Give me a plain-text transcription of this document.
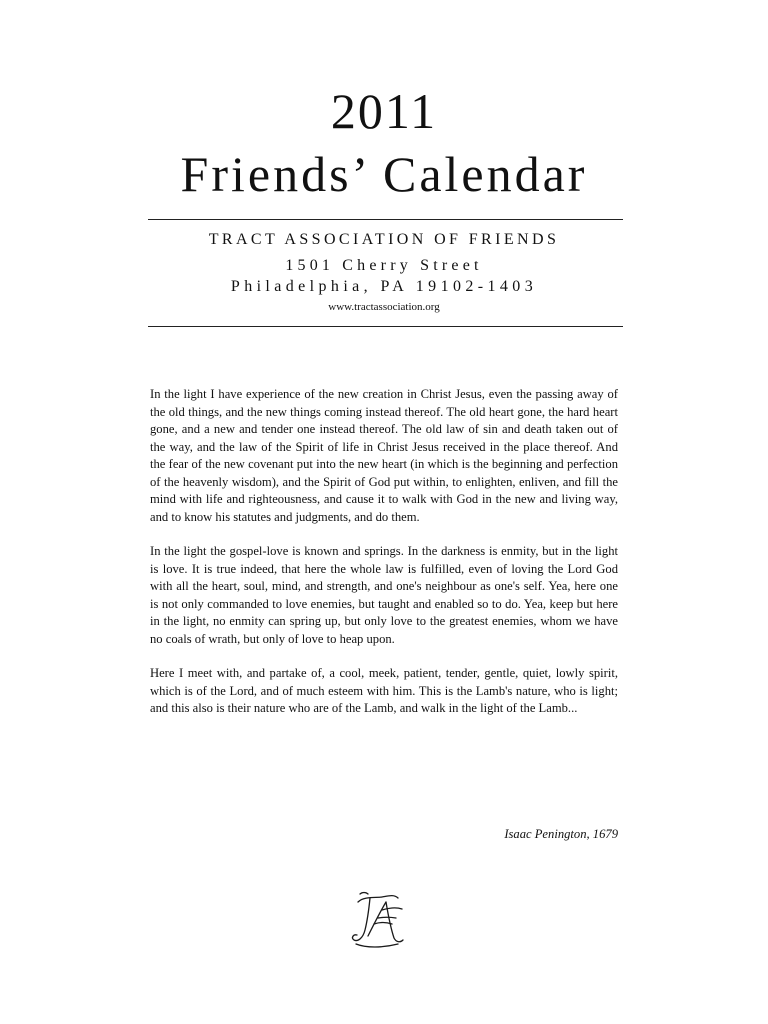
2011
Friends’ Calendar
TRACT ASSOCIATION OF FRIENDS
1501 Cherry Street
Philadelphia, PA 19102-1403
www.tractassociation.org

In the light I have experience of the new creation in Christ Jesus, even the passing away of the old things, and the new things coming instead thereof. The old heart gone, the hard heart gone, and a new and tender one instead thereof. The old law of sin and death taken out of the way, and the law of the Spirit of life in Christ Jesus received in the place thereof. And the fear of the new covenant put into the new heart (in which is the beginning and perfection of the heavenly wisdom), and the Spirit of God put within, to enlighten, enliven, and fill the mind with life and righteousness, and cause it to walk with God in the new and living way, and to know his statutes and judgments, and do them.

In the light the gospel-love is known and springs. In the darkness is enmity, but in the light is love. It is true indeed, that here the whole law is fulfilled, even of loving the Lord God with all the heart, soul, mind, and strength, and one's neighbour as one's self. Yea, here one is not only commanded to love enemies, but taught and enabled so to do. Yea, keep but here in the light, no enmity can spring up, but only love to the greatest enemies, whom we have no coals of wrath, but only of love to heap upon.

Here I meet with, and partake of, a cool, meek, patient, tender, gentle, quiet, lowly spirit, which is of the Lord, and of much esteem with him. This is the Lamb's nature, who is light; and this also is their nature who are of the Lamb, and walk in the light of the Lamb...

Isaac Penington, 1679
